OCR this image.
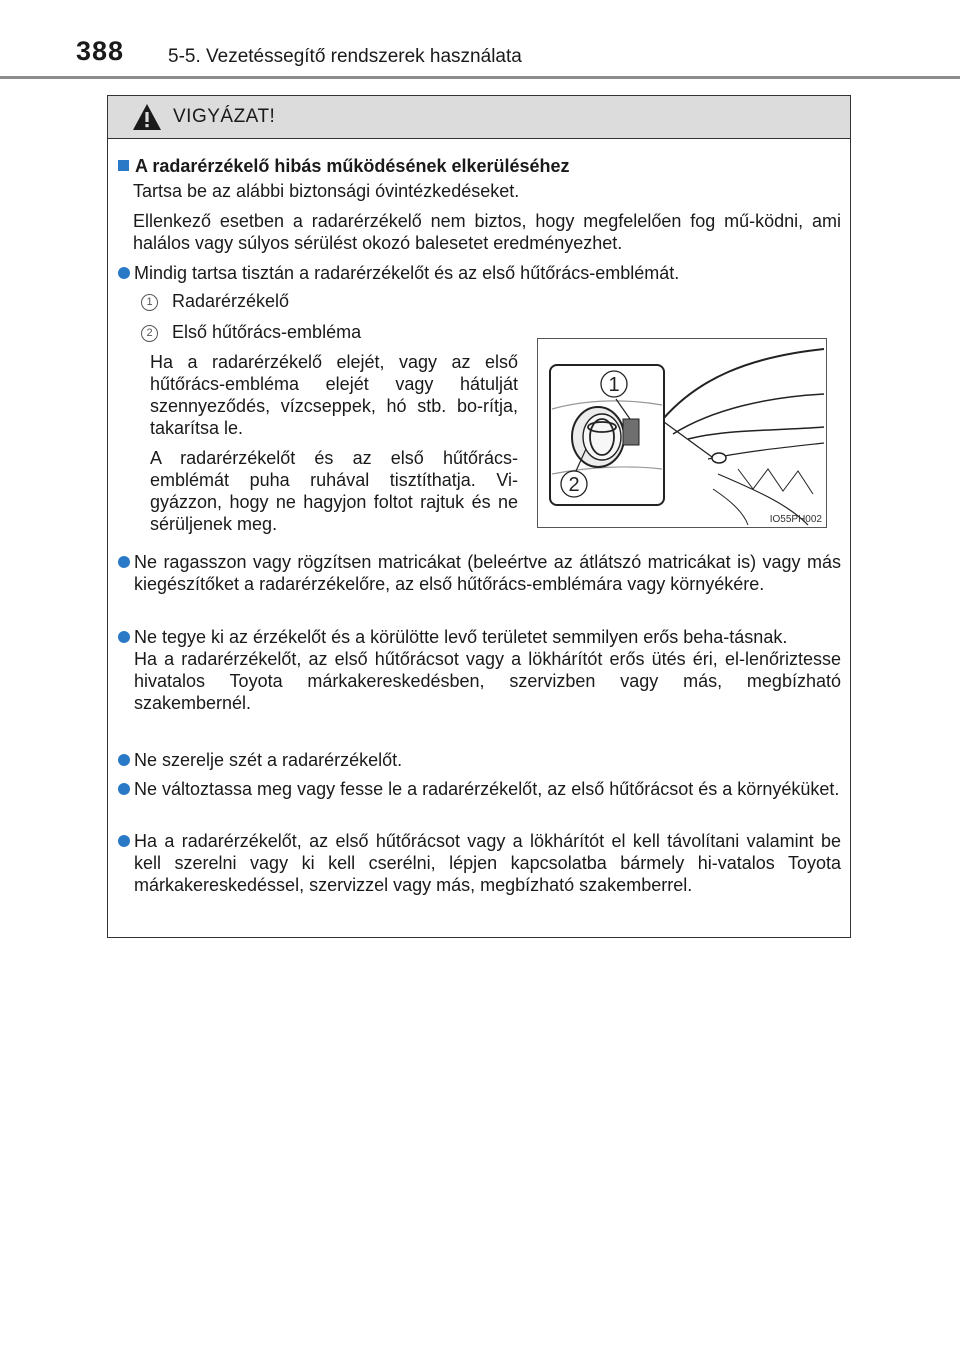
388 5-5. Vezetéssegítő rendszerek használata
VIGYÁZAT!
A radarérzékelő hibás működésének elkerüléséhez
Tartsa be az alábbi biztonsági óvintézkedéseket.
Ellenkező esetben a radarérzékelő nem biztos, hogy megfelelően fog mű-ködni, ami halálos vagy súlyos sérülést okozó balesetet eredményezhet.
Mindig tartsa tisztán a radarérzékelőt és az első hűtőrács-emblémát.
1 Radarérzékelő
2 Első hűtőrács-embléma
Ha a radarérzékelő elejét, vagy az első hűtőrács-embléma elejét vagy hátulját szennyeződés, vízcseppek, hó stb. bo-rítja, takarítsa le.
A radarérzékelőt és az első hűtőrács-emblémát puha ruhával tisztíthatja. Vi-gyázzon, hogy ne hagyjon foltot rajtuk és ne sérüljenek meg.
1
2
IO55PH002
Ne ragasszon vagy rögzítsen matricákat (beleértve az átlátszó matricákat is) vagy más kiegészítőket a radarérzékelőre, az első hűtőrács-emblémára vagy környékére.
Ne tegye ki az érzékelőt és a körülötte levő területet semmilyen erős beha-tásnak.
Ha a radarérzékelőt, az első hűtőrácsot vagy a lökhárítót erős ütés éri, el-lenőriztesse hivatalos Toyota márkakereskedésben, szervizben vagy más, megbízható szakembernél.
Ne szerelje szét a radarérzékelőt.
Ne változtassa meg vagy fesse le a radarérzékelőt, az első hűtőrácsot és a környéküket.
Ha a radarérzékelőt, az első hűtőrácsot vagy a lökhárítót el kell távolítani valamint be kell szerelni vagy ki kell cserélni, lépjen kapcsolatba bármely hi-vatalos Toyota márkakereskedéssel, szervizzel vagy más, megbízható szakemberrel.
